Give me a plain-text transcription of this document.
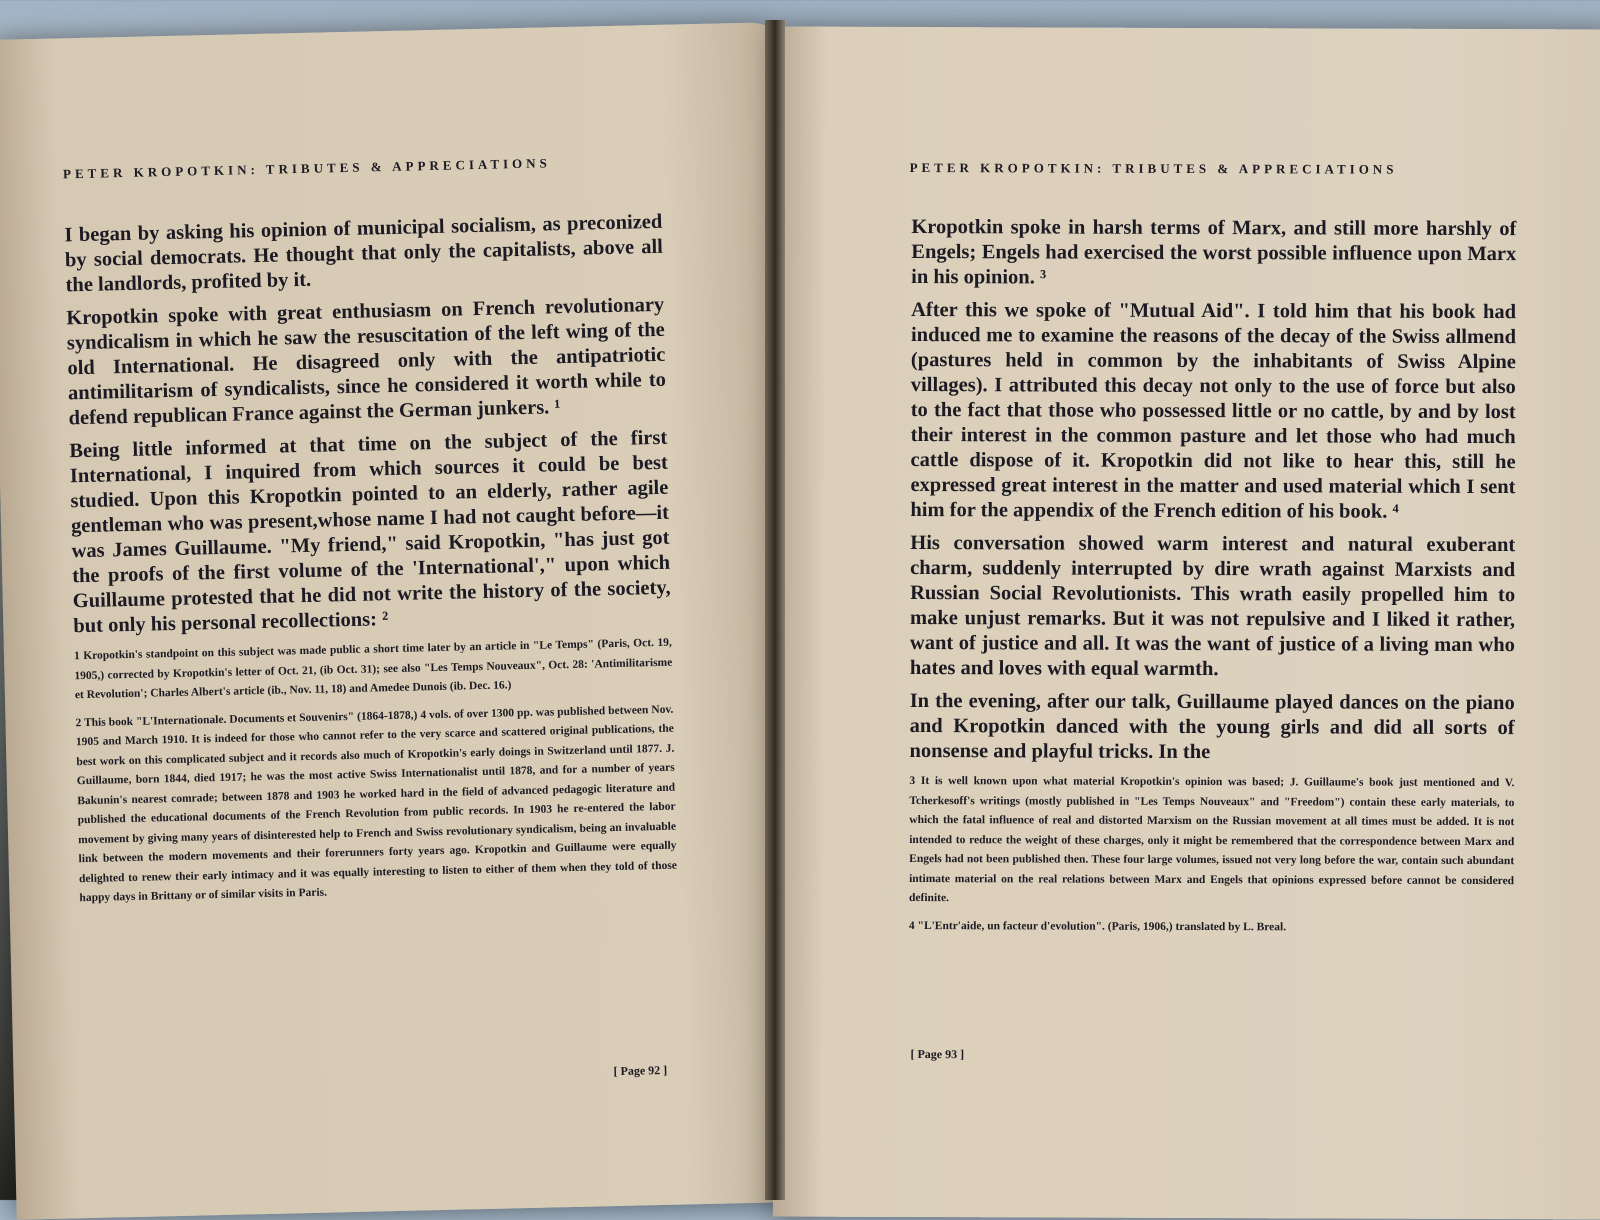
PETER KROPOTKIN: TRIBUTES & APPRECIATIONS

I began by asking his opinion of municipal socialism, as preconized by social democrats. He thought that only the capitalists, above all the landlords, profited by it.

Kropotkin spoke with great enthusiasm on French revolutionary syndicalism in which he saw the resuscitation of the left wing of the old International. He disagreed only with the antipatriotic antimilitarism of syndicalists, since he considered it worth while to defend republican France against the German junkers. ¹

Being little informed at that time on the subject of the first International, I inquired from which sources it could be best studied. Upon this Kropotkin pointed to an elderly, rather agile gentleman who was present,whose name I had not caught before—it was James Guillaume. "My friend," said Kropotkin, "has just got the proofs of the first volume of the 'International'," upon which Guillaume protested that he did not write the history of the society, but only his personal recollections: ²

1 Kropotkin's standpoint on this subject was made public a short time later by an article in "Le Temps" (Paris, Oct. 19, 1905,) corrected by Kropotkin's letter of Oct. 21, (ib Oct. 31); see also "Les Temps Nouveaux", Oct. 28: 'Antimilitarisme et Revolution'; Charles Albert's article (ib., Nov. 11, 18) and Amedee Dunois (ib. Dec. 16.)

2 This book "L'Internationale. Documents et Souvenirs" (1864-1878,) 4 vols. of over 1300 pp. was published between Nov. 1905 and March 1910. It is indeed for those who cannot refer to the very scarce and scattered original publications, the best work on this complicated subject and it records also much of Kropotkin's early doings in Switzerland until 1877. J. Guillaume, born 1844, died 1917; he was the most active Swiss Internationalist until 1878, and for a number of years Bakunin's nearest comrade; between 1878 and 1903 he worked hard in the field of advanced pedagogic literature and published the educational documents of the French Revolution from public records. In 1903 he re-entered the labor movement by giving many years of disinterested help to French and Swiss revolutionary syndicalism, being an invaluable link between the modern movements and their forerunners forty years ago. Kropotkin and Guillaume were equally delighted to renew their early intimacy and it was equally interesting to listen to either of them when they told of those happy days in Brittany or of similar visits in Paris.

[ Page 92 ]
PETER KROPOTKIN: TRIBUTES & APPRECIATIONS

Kropotkin spoke in harsh terms of Marx, and still more harshly of Engels; Engels had exercised the worst possible influence upon Marx in his opinion. ³

After this we spoke of "Mutual Aid". I told him that his book had induced me to examine the reasons of the decay of the Swiss allmend (pastures held in common by the inhabitants of Swiss Alpine villages). I attributed this decay not only to the use of force but also to the fact that those who possessed little or no cattle, by and by lost their interest in the common pasture and let those who had much cattle dispose of it. Kropotkin did not like to hear this, still he expressed great interest in the matter and used material which I sent him for the appendix of the French edition of his book. ⁴

His conversation showed warm interest and natural exuberant charm, suddenly interrupted by dire wrath against Marxists and Russian Social Revolutionists. This wrath easily propelled him to make unjust remarks. But it was not repulsive and I liked it rather, want of justice and all. It was the want of justice of a living man who hates and loves with equal warmth.

In the evening, after our talk, Guillaume played dances on the piano and Kropotkin danced with the young girls and did all sorts of nonsense and playful tricks. In the

3 It is well known upon what material Kropotkin's opinion was based; J. Guillaume's book just mentioned and V. Tcherkesoff's writings (mostly published in "Les Temps Nouveaux" and "Freedom") contain these early materials, to which the fatal influence of real and distorted Marxism on the Russian movement at all times must be added. It is not intended to reduce the weight of these charges, only it might be remembered that the correspondence between Marx and Engels had not been published then. These four large volumes, issued not very long before the war, contain such abundant intimate material on the real relations between Marx and Engels that opinions expressed before cannot be considered definite.

4 "L'Entr'aide, un facteur d'evolution". (Paris, 1906,) translated by L. Breal.

[ Page 93 ]
